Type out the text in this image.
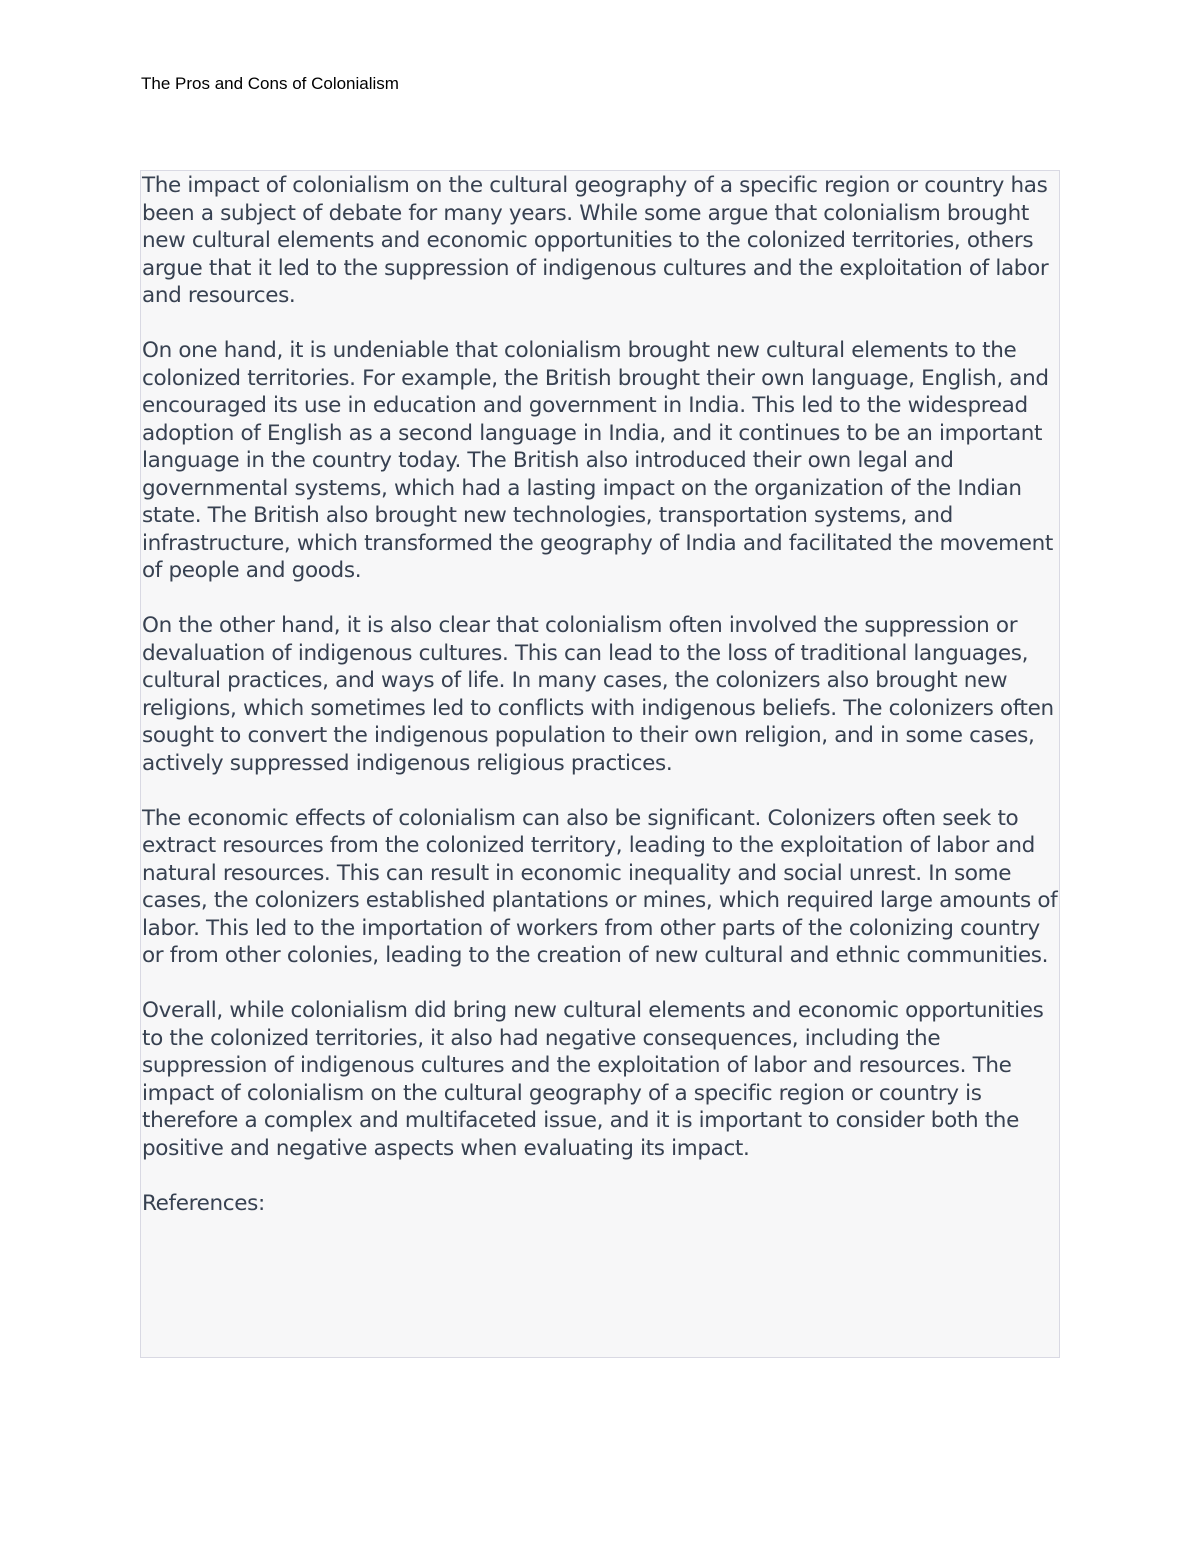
The Pros and Cons of Colonialism

The impact of colonialism on the cultural geography of a specific region or country has been a subject of debate for many years. While some argue that colonialism brought new cultural elements and economic opportunities to the colonized territories, others argue that it led to the suppression of indigenous cultures and the exploitation of labor and resources.

On one hand, it is undeniable that colonialism brought new cultural elements to the colonized territories. For example, the British brought their own language, English, and encouraged its use in education and government in India. This led to the widespread adoption of English as a second language in India, and it continues to be an important language in the country today. The British also introduced their own legal and governmental systems, which had a lasting impact on the organization of the Indian state. The British also brought new technologies, transportation systems, and infrastructure, which transformed the geography of India and facilitated the movement of people and goods.

On the other hand, it is also clear that colonialism often involved the suppression or devaluation of indigenous cultures. This can lead to the loss of traditional languages, cultural practices, and ways of life. In many cases, the colonizers also brought new religions, which sometimes led to conflicts with indigenous beliefs. The colonizers often sought to convert the indigenous population to their own religion, and in some cases, actively suppressed indigenous religious practices.

The economic effects of colonialism can also be significant. Colonizers often seek to extract resources from the colonized territory, leading to the exploitation of labor and natural resources. This can result in economic inequality and social unrest. In some cases, the colonizers established plantations or mines, which required large amounts of labor. This led to the importation of workers from other parts of the colonizing country or from other colonies, leading to the creation of new cultural and ethnic communities.

Overall, while colonialism did bring new cultural elements and economic opportunities to the colonized territories, it also had negative consequences, including the suppression of indigenous cultures and the exploitation of labor and resources. The impact of colonialism on the cultural geography of a specific region or country is therefore a complex and multifaceted issue, and it is important to consider both the positive and negative aspects when evaluating its impact.

References:
